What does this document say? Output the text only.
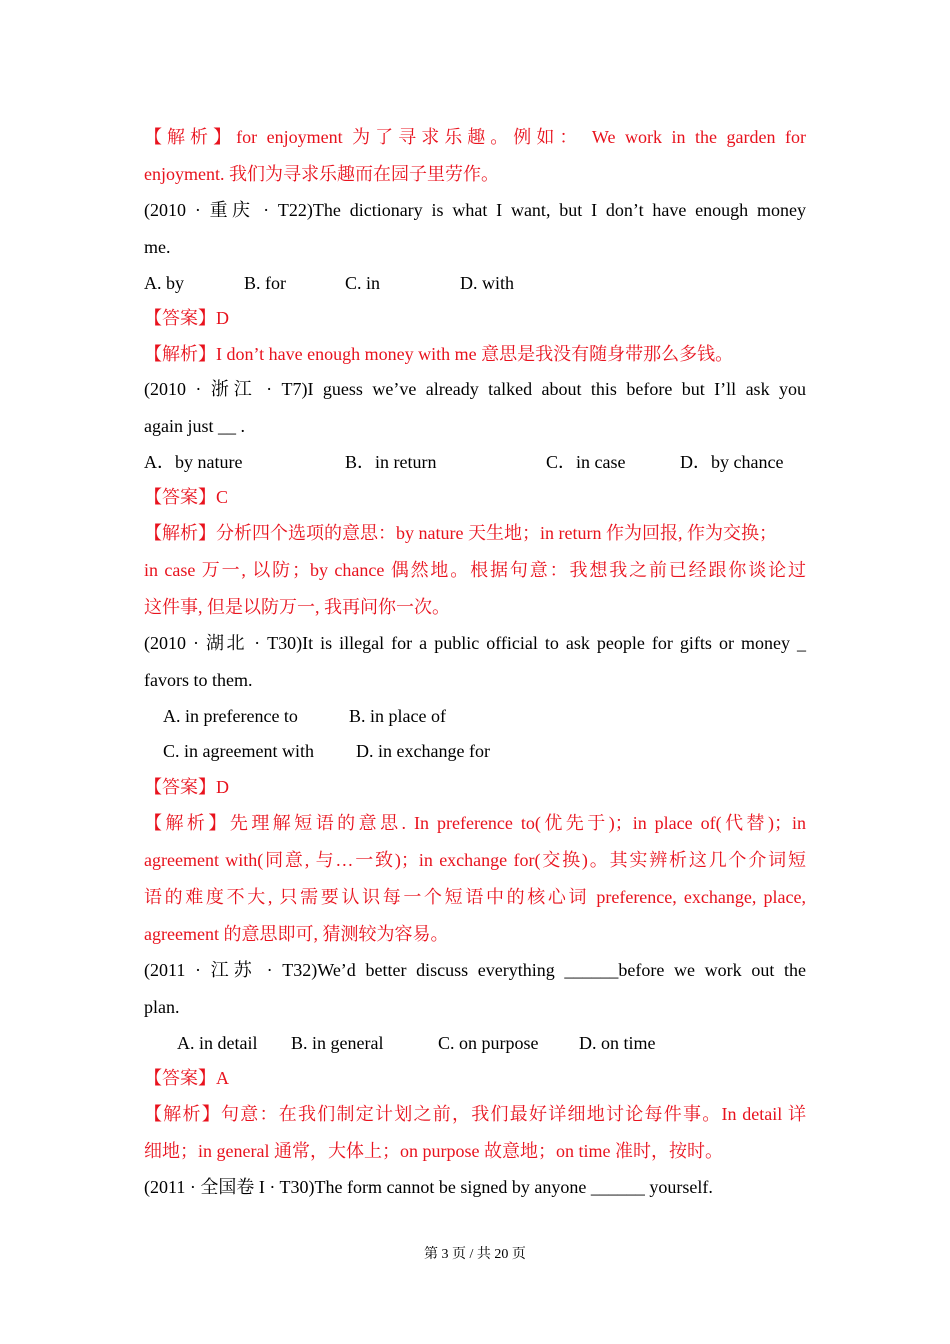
【解析】for enjoyment 为了寻求乐趣。例如： We work in the garden for
enjoyment. 我们为寻求乐趣而在园子里劳作。
(2010 · 重庆 · T22)The dictionary is what I want, but I don’t have enough money
me.
A. by	B. for	C. in	D. with
【答案】D
【解析】I don’t have enough money with me 意思是我没有随身带那么多钱。
(2010 · 浙江 · T7)I guess we’ve already talked about this before but I’ll ask you
again just __ .
A．by nature	B．in return	C．in case	D．by chance
【答案】C
【解析】分析四个选项的意思：by nature 天生地；in return 作为回报, 作为交换；
in case 万一, 以防；by chance 偶然地。根据句意：我想我之前已经跟你谈论过
这件事, 但是以防万一, 我再问你一次。
(2010 · 湖北 · T30)It is illegal for a public official to ask people for gifts or money _
favors to them.
A. in preference to	B. in place of
C. in agreement with D. in exchange for
【答案】D
【解析】先理解短语的意思. In preference to(优先于)；in place of(代替)；in
agreement with(同意, 与…一致)；in exchange for(交换)。其实辨析这几个介词短
语的难度不大, 只需要认识每一个短语中的核心词 preference, exchange, place,
agreement 的意思即可, 猜测较为容易。
(2011 · 江苏 · T32)We’d better discuss everything ______before we work out the
plan.
A. in detail B. in general	C. on purpose D. on time
【答案】A
【解析】句意：在我们制定计划之前，我们最好详细地讨论每件事。In detail 详
细地；in general 通常，大体上；on purpose 故意地；on time 准时，按时。
(2011 · 全国卷 I · T30)The form cannot be signed by anyone ______ yourself.
第 3 页 / 共 20 页
